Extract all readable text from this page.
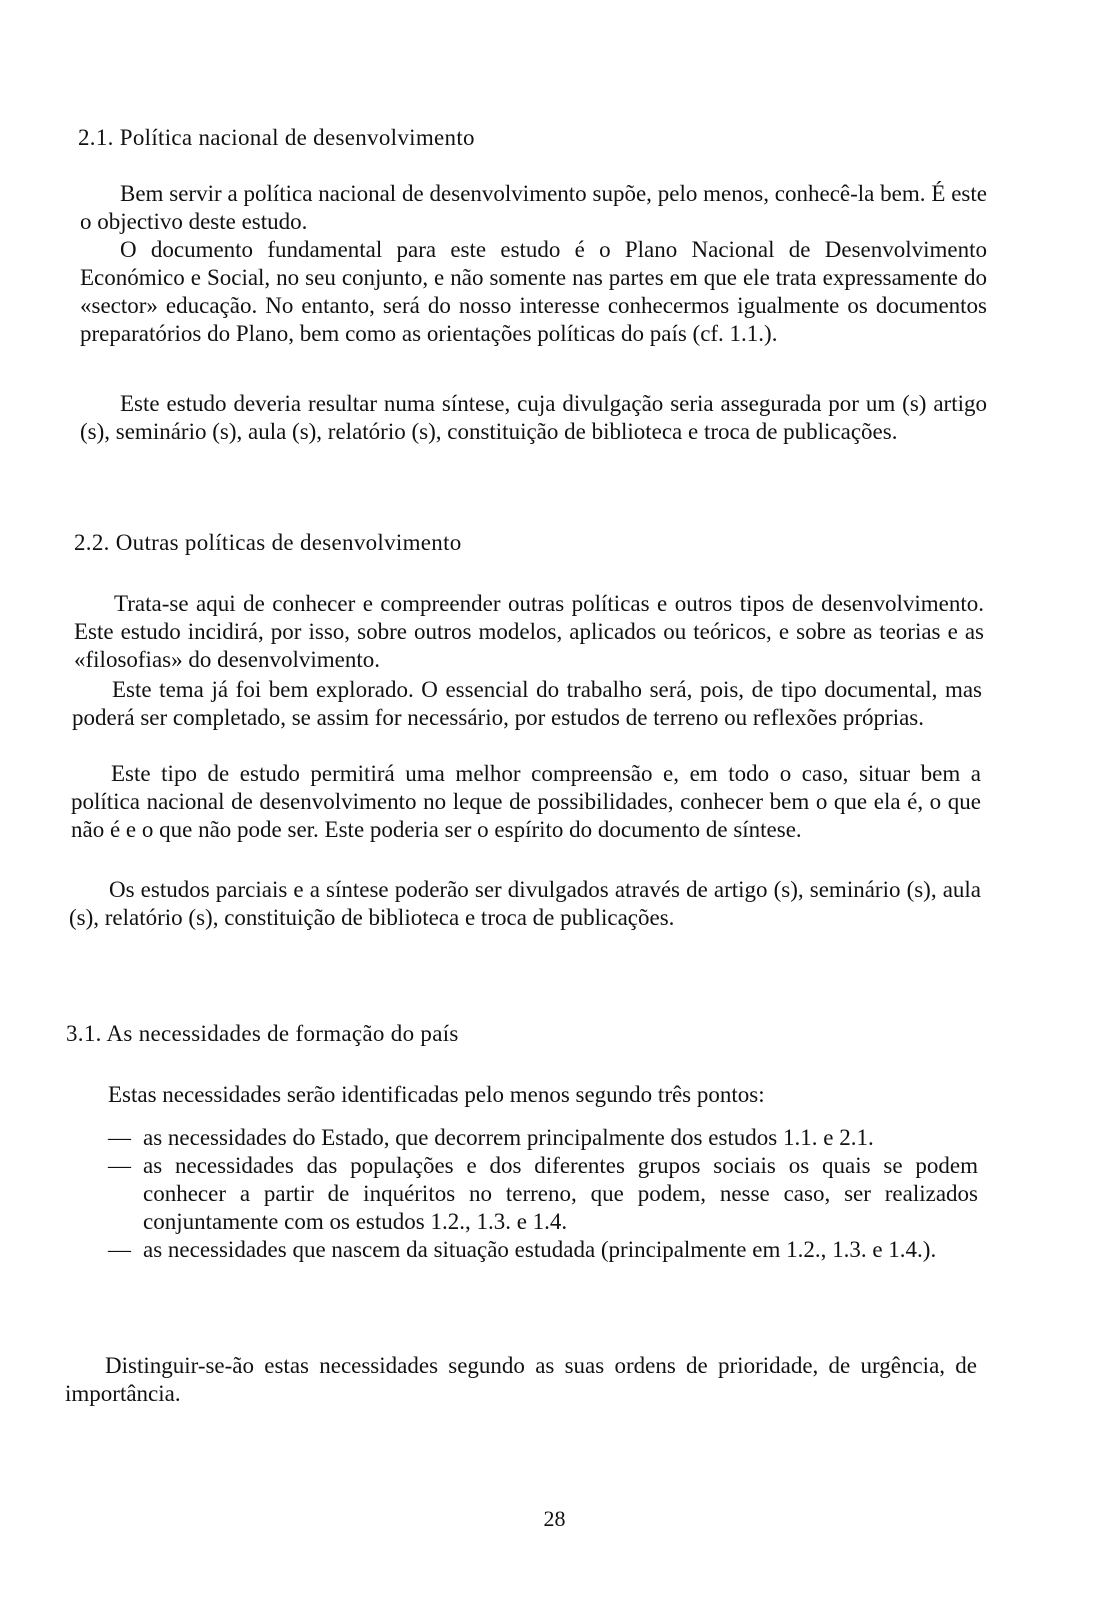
2.1. Política nacional de desenvolvimento

Bem servir a política nacional de desenvolvimento supõe, pelo menos, conhecê-la bem. É este o objectivo deste estudo.

O documento fundamental para este estudo é o Plano Nacional de Desenvolvimento Económico e Social, no seu conjunto, e não somente nas partes em que ele trata expressamente do «sector» educação. No entanto, será do nosso interesse conhecermos igualmente os documentos preparatórios do Plano, bem como as orientações políticas do país (cf. 1.1.).

Este estudo deveria resultar numa síntese, cuja divulgação seria assegurada por um (s) artigo (s), seminário (s), aula (s), relatório (s), constituição de biblioteca e troca de publicações.

2.2. Outras políticas de desenvolvimento

Trata-se aqui de conhecer e compreender outras políticas e outros tipos de desenvolvimento. Este estudo incidirá, por isso, sobre outros modelos, aplicados ou teóricos, e sobre as teorias e as «filosofias» do desenvolvimento.

Este tema já foi bem explorado. O essencial do trabalho será, pois, de tipo documental, mas poderá ser completado, se assim for necessário, por estudos de terreno ou reflexões próprias.

Este tipo de estudo permitirá uma melhor compreensão e, em todo o caso, situar bem a política nacional de desenvolvimento no leque de possibilidades, conhecer bem o que ela é, o que não é e o que não pode ser. Este poderia ser o espírito do documento de síntese.

Os estudos parciais e a síntese poderão ser divulgados através de artigo (s), seminário (s), aula (s), relatório (s), constituição de biblioteca e troca de publicações.

3.1. As necessidades de formação do país

Estas necessidades serão identificadas pelo menos segundo três pontos:

— as necessidades do Estado, que decorrem principalmente dos estudos 1.1. e 2.1.
— as necessidades das populações e dos diferentes grupos sociais os quais se podem conhecer a partir de inquéritos no terreno, que podem, nesse caso, ser realizados conjuntamente com os estudos 1.2., 1.3. e 1.4.
— as necessidades que nascem da situação estudada (principalmente em 1.2., 1.3. e 1.4.).

Distinguir-se-ão estas necessidades segundo as suas ordens de prioridade, de urgência, de importância.

28
